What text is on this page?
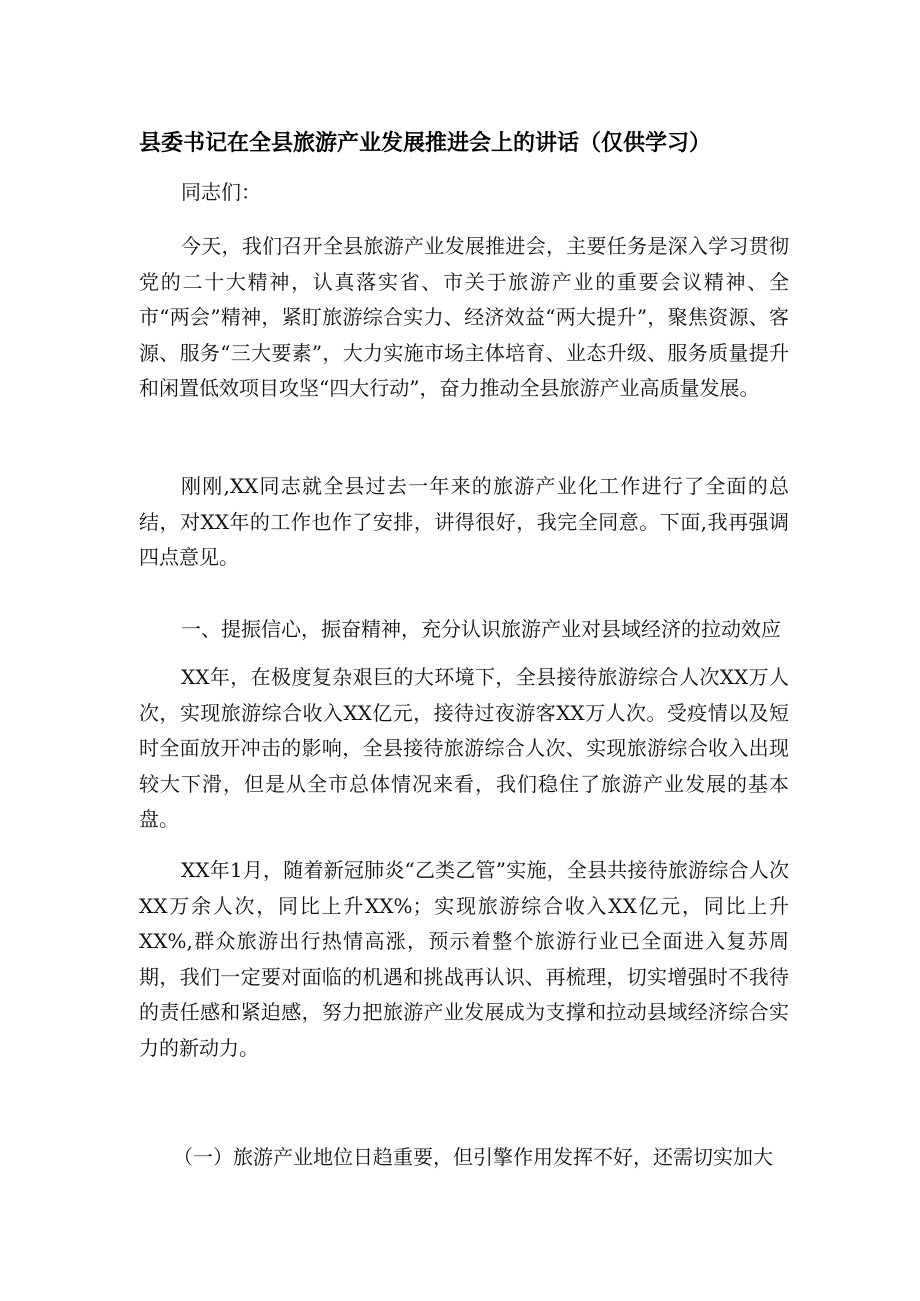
县委书记在全县旅游产业发展推进会上的讲话（仅供学习）

同志们：

今天，我们召开全县旅游产业发展推进会，主要任务是深入学习贯彻党的二十大精神，认真落实省、市关于旅游产业的重要会议精神、全市“两会”精神，紧盯旅游综合实力、经济效益“两大提升”，聚焦资源、客源、服务“三大要素”，大力实施市场主体培育、业态升级、服务质量提升和闲置低效项目攻坚“四大行动”，奋力推动全县旅游产业高质量发展。

刚刚,XX同志就全县过去一年来的旅游产业化工作进行了全面的总结，对XX年的工作也作了安排，讲得很好，我完全同意。下面,我再强调四点意见。

一、提振信心，振奋精神，充分认识旅游产业对县域经济的拉动效应

XX年，在极度复杂艰巨的大环境下，全县接待旅游综合人次XX万人次，实现旅游综合收入XX亿元，接待过夜游客XX万人次。受疫情以及短时全面放开冲击的影响，全县接待旅游综合人次、实现旅游综合收入出现较大下滑，但是从全市总体情况来看，我们稳住了旅游产业发展的基本盘。

XX年1月，随着新冠肺炎“乙类乙管”实施，全县共接待旅游综合人次XX万余人次，同比上升XX%；实现旅游综合收入XX亿元，同比上升XX%,群众旅游出行热情高涨，预示着整个旅游行业已全面进入复苏周期，我们一定要对面临的机遇和挑战再认识、再梳理，切实增强时不我待的责任感和紧迫感，努力把旅游产业发展成为支撑和拉动县域经济综合实力的新动力。

（一）旅游产业地位日趋重要，但引擎作用发挥不好，还需切实加大
